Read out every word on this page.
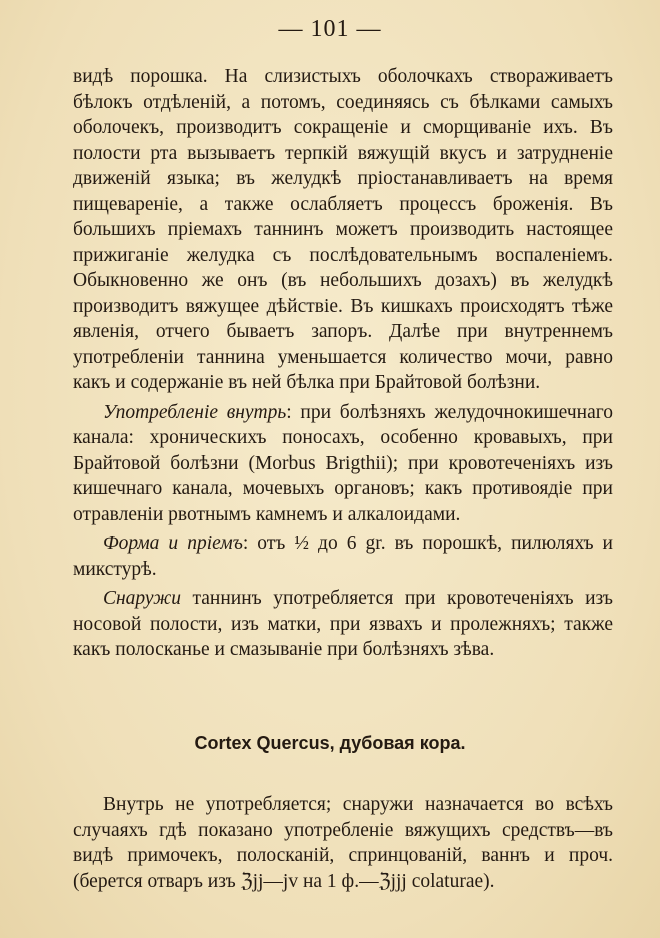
— 101 —

видѣ порошка. На слизистыхъ оболочкахъ створаживаетъ бѣлокъ отдѣленій, а потомъ, соединяясь съ бѣлками самыхъ оболочекъ, производитъ сокращеніе и сморщиваніе ихъ. Въ полости рта вызываетъ терпкій вяжущій вкусъ и затрудненіе движеній языка; въ желудкѣ пріостанавливаетъ на время пищевареніе, а также ослабляетъ процессъ броженія. Въ большихъ пріемахъ таннинъ можетъ производить настоящее прижиганіе желудка съ послѣдовательнымъ воспаленіемъ. Обыкновенно же онъ (въ небольшихъ дозахъ) въ желудкѣ производитъ вяжущее дѣйствіе. Въ кишкахъ происходятъ тѣже явленія, отчего бываетъ запоръ. Далѣе при внутреннемъ употребленіи таннина уменьшается количество мочи, равно какъ и содержаніе въ ней бѣлка при Брайтовой болѣзни.

Употребленіе внутрь: при болѣзняхъ желудочнокишечнаго канала: хроническихъ поносахъ, особенно кровавыхъ, при Брайтовой болѣзни (Morbus Brigthii); при кровотеченіяхъ изъ кишечнаго канала, мочевыхъ органовъ; какъ противоядіе при отравленіи рвотнымъ камнемъ и алкалоидами.

Форма и пріемъ: отъ ½ до 6 gr. въ порошкѣ, пилюляхъ и микстурѣ.

Снаружи таннинъ употребляется при кровотеченіяхъ изъ носовой полости, изъ матки, при язвахъ и пролежняхъ; также какъ полосканье и смазываніе при болѣзняхъ зѣва.

Cortex Quercus, дубовая кора.

Внутрь не употребляется; снаружи назначается во всѣхъ случаяхъ гдѣ показано употребленіе вяжущихъ средствъ—въ видѣ примочекъ, полосканій, спринцованій, ваннъ и проч. (берется отваръ изъ ℨjj—jv на 1 ф.—ℨjjj colaturae).
